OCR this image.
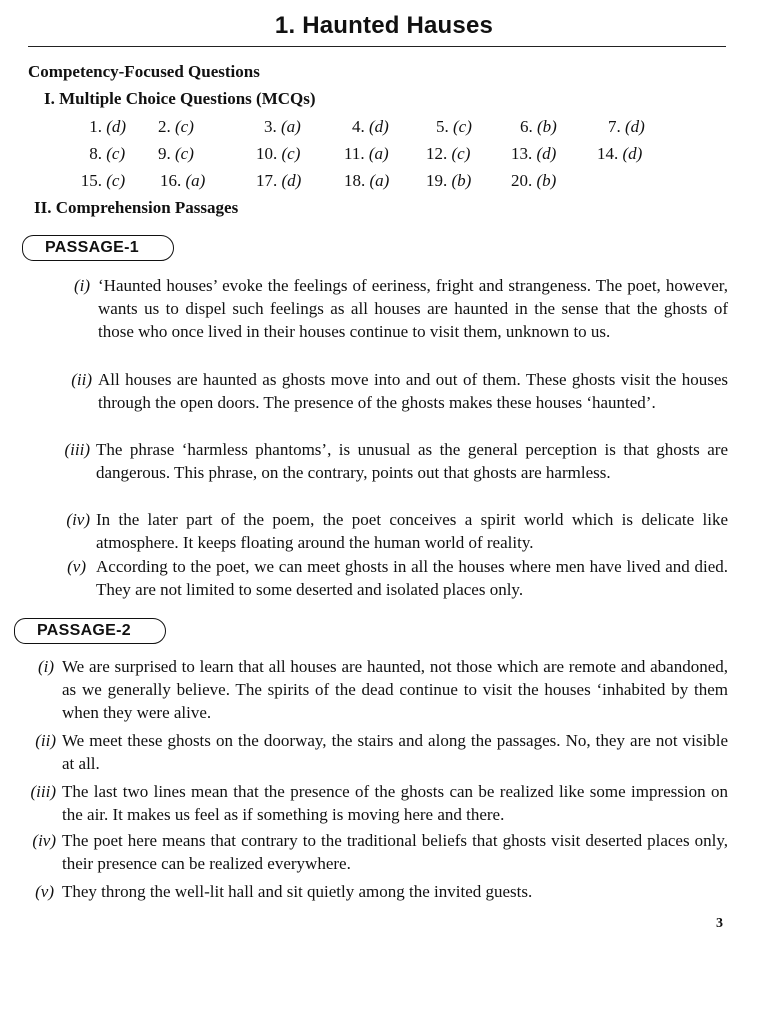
1. Haunted Hauses
Competency-Focused Questions
I. Multiple Choice Questions (MCQs)
1. (d) 2. (c)	3. (a)	4. (d)	5. (c)	6. (b)	7. (d)
8. (c) 9. (c)	10. (c)	11. (a) 12. (c) 13. (d) 14. (d)
15. (c) 16. (a)	17. (d)	18. (a) 19. (b) 20. (b)
II. Comprehension Passages
PASSAGE-1
(i) ‘Haunted houses’ evoke the feelings of eeriness, fright and strangeness. The poet, however, wants us to dispel such feelings as all houses are haunted in the sense that the ghosts of those who once lived in their houses continue to visit them, unknown to us.
(ii) All houses are haunted as ghosts move into and out of them. These ghosts visit the houses through the open doors. The presence of the ghosts makes these houses ‘haunted’.
(iii) The phrase ‘harmless phantoms’, is unusual as the general perception is that ghosts are dangerous. This phrase, on the contrary, points out that ghosts are harmless.
(iv) In the later part of the poem, the poet conceives a spirit world which is delicate like atmosphere. It keeps floating around the human world of reality.
(v) According to the poet, we can meet ghosts in all the houses where men have lived and died. They are not limited to some deserted and isolated places only.
PASSAGE-2
(i) We are surprised to learn that all houses are haunted, not those which are remote and abandoned, as we generally believe. The spirits of the dead continue to visit the houses ‘inhabited by them when they were alive.
(ii) We meet these ghosts on the doorway, the stairs and along the passages. No, they are not visible at all.
(iii) The last two lines mean that the presence of the ghosts can be realized like some impression on the air. It makes us feel as if something is moving here and there.
(iv) The poet here means that contrary to the traditional beliefs that ghosts visit deserted places only, their presence can be realized everywhere.
(v) They throng the well-lit hall and sit quietly among the invited guests.
3
